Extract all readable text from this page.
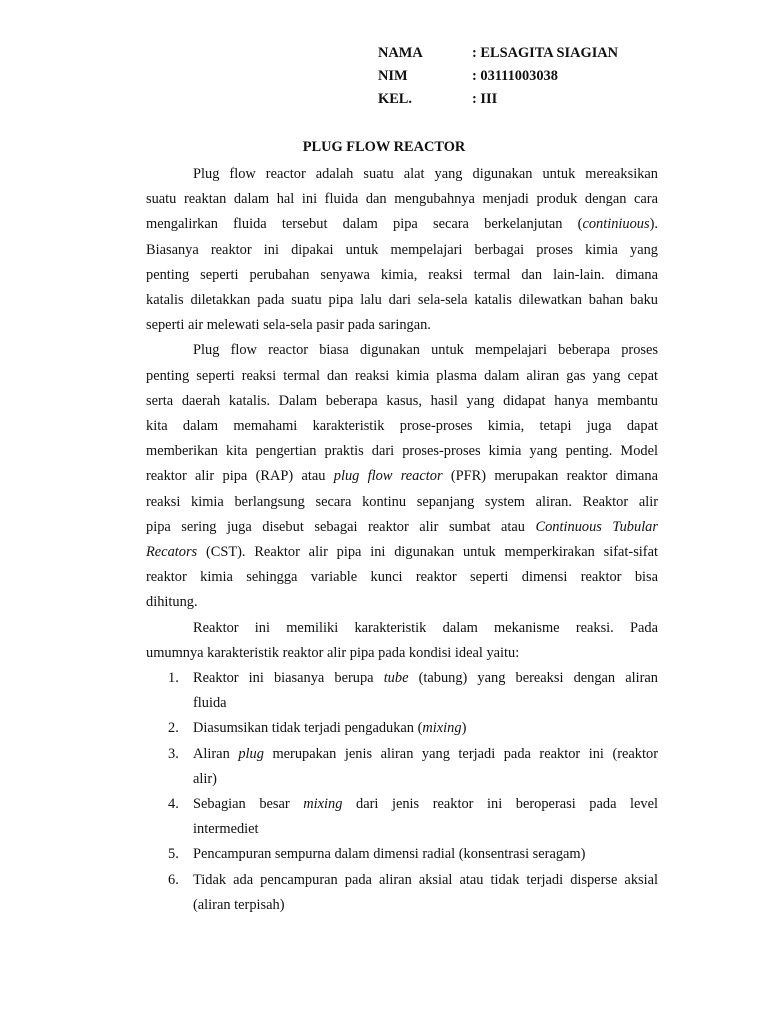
NAMA	: ELSAGITA SIAGIAN
NIM	: 03111003038
KEL.	: III
PLUG FLOW REACTOR

Plug flow reactor adalah suatu alat yang digunakan untuk mereaksikan
suatu reaktan dalam hal ini fluida dan mengubahnya menjadi produk dengan cara
mengalirkan fluida tersebut dalam pipa secara berkelanjutan (continiuous).
Biasanya reaktor ini dipakai untuk mempelajari berbagai proses kimia yang
penting seperti perubahan senyawa kimia, reaksi termal dan lain-lain. dimana
katalis diletakkan pada suatu pipa lalu dari sela-sela katalis dilewatkan bahan baku
seperti air melewati sela-sela pasir pada saringan.

Plug flow reactor biasa digunakan untuk mempelajari beberapa proses
penting seperti reaksi termal dan reaksi kimia plasma dalam aliran gas yang cepat
serta daerah katalis. Dalam beberapa kasus, hasil yang didapat hanya membantu
kita dalam memahami karakteristik prose-proses kimia, tetapi juga dapat
memberikan kita pengertian praktis dari proses-proses kimia yang penting. Model
reaktor alir pipa (RAP) atau plug flow reactor (PFR) merupakan reaktor dimana
reaksi kimia berlangsung secara kontinu sepanjang system aliran. Reaktor alir
pipa sering juga disebut sebagai reaktor alir sumbat atau Continuous Tubular
Recators (CST). Reaktor alir pipa ini digunakan untuk memperkirakan sifat-sifat
reaktor kimia sehingga variable kunci reaktor seperti dimensi reaktor bisa
dihitung.

Reaktor ini memiliki karakteristik dalam mekanisme reaksi. Pada
umumnya karakteristik reaktor alir pipa pada kondisi ideal yaitu:

1. Reaktor ini biasanya berupa tube (tabung) yang bereaksi dengan aliran
fluida
2. Diasumsikan tidak terjadi pengadukan (mixing)
3. Aliran plug merupakan jenis aliran yang terjadi pada reaktor ini (reaktor
alir)
4. Sebagian besar mixing dari jenis reaktor ini beroperasi pada level
intermediet
5. Pencampuran sempurna dalam dimensi radial (konsentrasi seragam)
6. Tidak ada pencampuran pada aliran aksial atau tidak terjadi disperse aksial
(aliran terpisah)
